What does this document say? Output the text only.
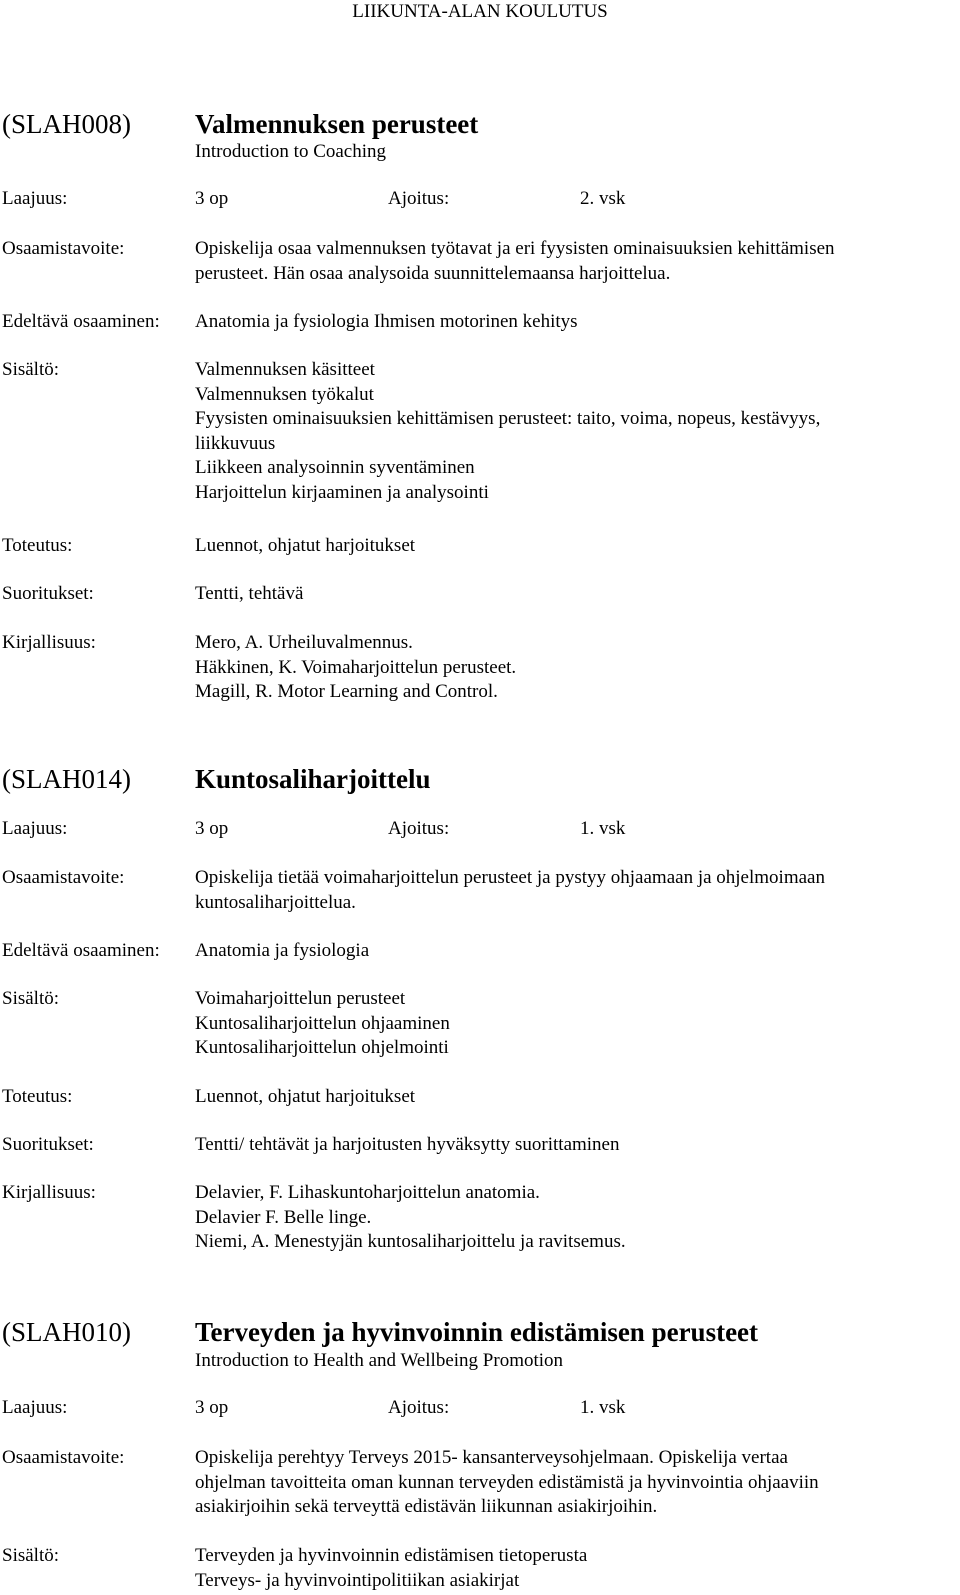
LIIKUNTA-ALAN KOULUTUS
(SLAH008) Valmennuksen perusteet
Introduction to Coaching
Laajuus:	3 op	Ajoitus:	2. vsk
Osaamistavoite:	Opiskelija osaa valmennuksen työtavat ja eri fyysisten ominaisuuksien kehittämisen
perusteet. Hän osaa analysoida suunnittelemaansa harjoittelua.
Edeltävä osaaminen: Anatomia ja fysiologia Ihmisen motorinen kehitys
Sisältö:	Valmennuksen käsitteet
Valmennuksen työkalut
Fyysisten ominaisuuksien kehittämisen perusteet: taito, voima, nopeus, kestävyys,
liikkuvuus
Liikkeen analysoinnin syventäminen
Harjoittelun kirjaaminen ja analysointi
Toteutus:	Luennot, ohjatut harjoitukset
Suoritukset:	Tentti, tehtävä
Kirjallisuus:	Mero, A. Urheiluvalmennus.
Häkkinen, K. Voimaharjoittelun perusteet.
Magill, R. Motor Learning and Control.
(SLAH014) Kuntosaliharjoittelu
Laajuus:	3 op	Ajoitus:	1. vsk
Osaamistavoite:	Opiskelija tietää voimaharjoittelun perusteet ja pystyy ohjaamaan ja ohjelmoimaan
kuntosaliharjoittelua.
Edeltävä osaaminen: Anatomia ja fysiologia
Sisältö:	Voimaharjoittelun perusteet
Kuntosaliharjoittelun ohjaaminen
Kuntosaliharjoittelun ohjelmointi
Toteutus:	Luennot, ohjatut harjoitukset
Suoritukset:	Tentti/ tehtävät ja harjoitusten hyväksytty suorittaminen
Kirjallisuus:	Delavier, F. Lihaskuntoharjoittelun anatomia.
Delavier F. Belle linge.
Niemi, A. Menestyjän kuntosaliharjoittelu ja ravitsemus.
(SLAH010) Terveyden ja hyvinvoinnin edistämisen perusteet
Introduction to Health and Wellbeing Promotion
Laajuus:	3 op	Ajoitus:	1. vsk
Osaamistavoite:	Opiskelija perehtyy Terveys 2015- kansanterveysohjelmaan. Opiskelija vertaa
ohjelman tavoitteita oman kunnan terveyden edistämistä ja hyvinvointia ohjaaviin
asiakirjoihin sekä terveyttä edistävän liikunnan asiakirjoihin.
Sisältö:	Terveyden ja hyvinvoinnin edistämisen tietoperusta
Terveys- ja hyvinvointipolitiikan asiakirjat
